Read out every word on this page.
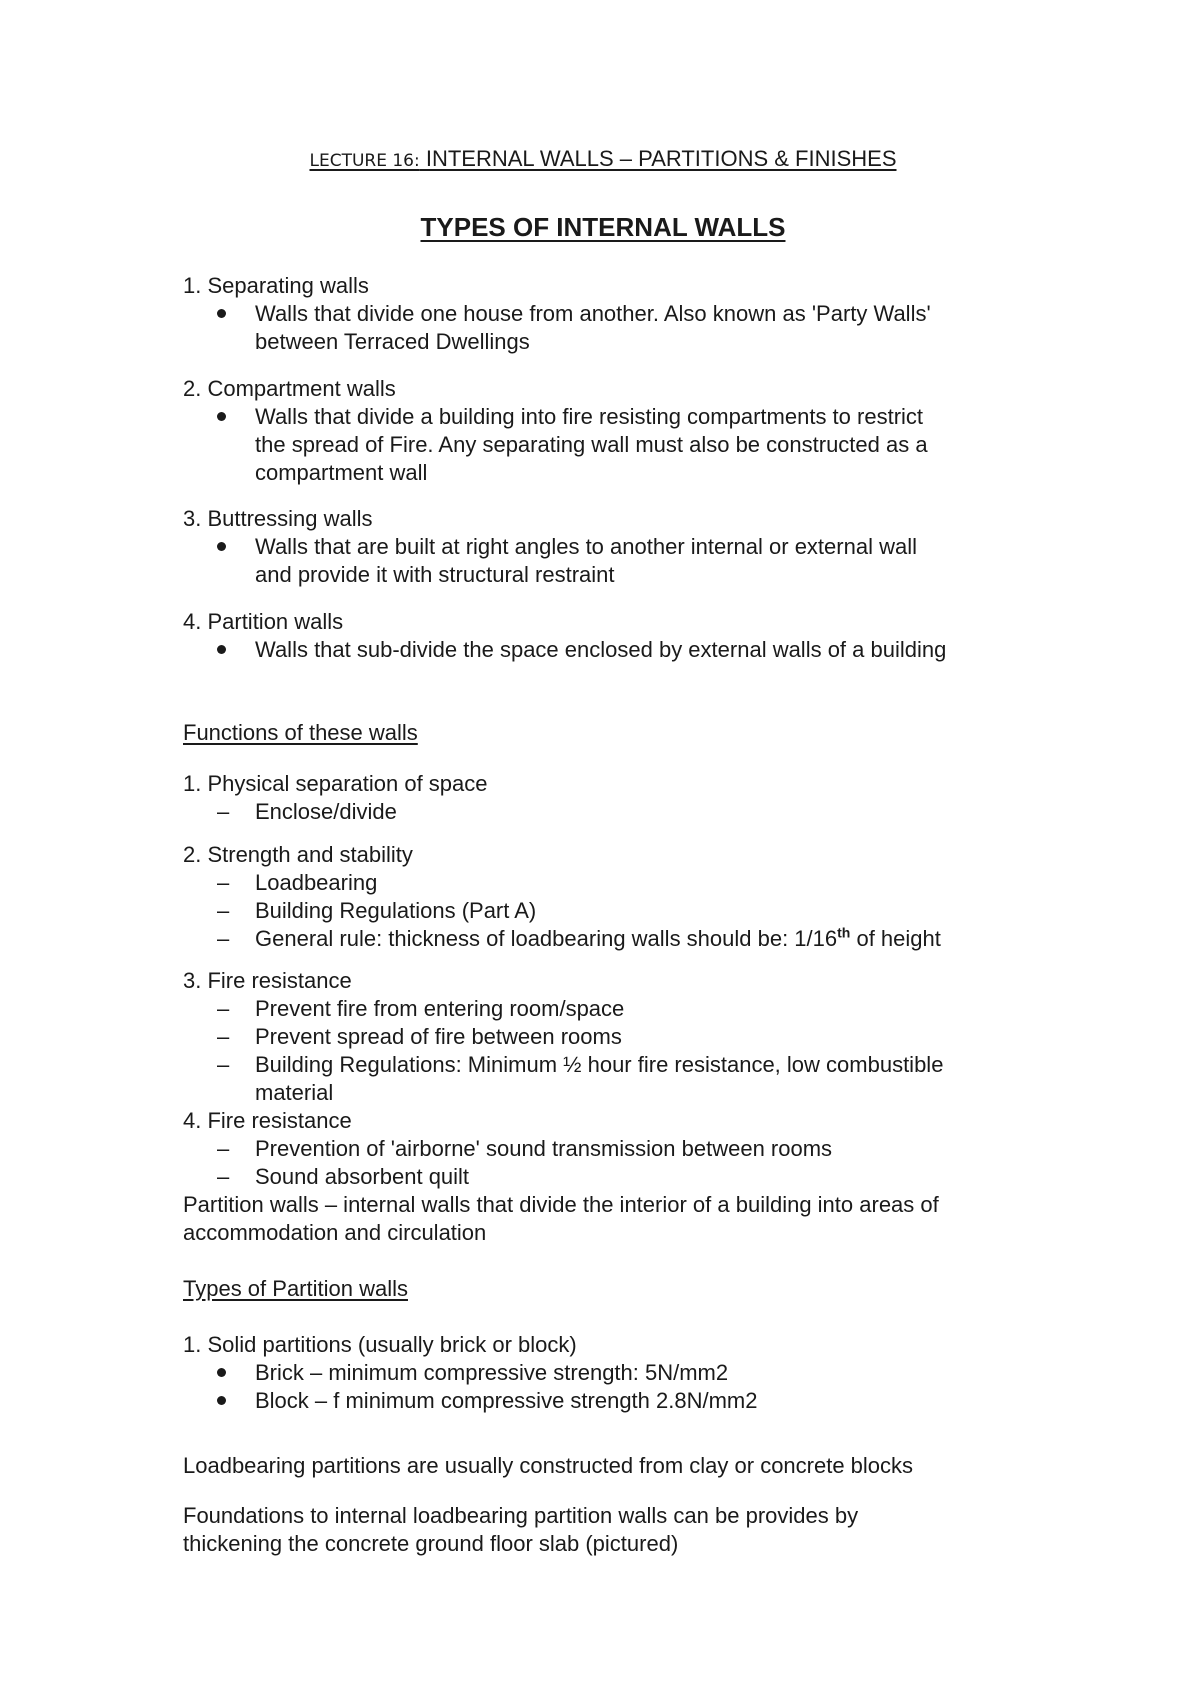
LECTURE 16: INTERNAL WALLS – PARTITIONS & FINISHES
TYPES OF INTERNAL WALLS
1. Separating walls
Walls that divide one house from another. Also known as 'Party Walls'
between Terraced Dwellings
2. Compartment walls
Walls that divide a building into fire resisting compartments to restrict
the spread of Fire. Any separating wall must also be constructed as a
compartment wall
3. Buttressing walls
Walls that are built at right angles to another internal or external wall
and provide it with structural restraint
4. Partition walls
Walls that sub-divide the space enclosed by external walls of a building
Functions of these walls
1. Physical separation of space
– Enclose/divide
2. Strength and stability
– Loadbearing
– Building Regulations (Part A)
– General rule: thickness of loadbearing walls should be: 1/16th of height
3. Fire resistance
– Prevent fire from entering room/space
– Prevent spread of fire between rooms
– Building Regulations: Minimum ½ hour fire resistance, low combustible
material
4. Fire resistance
– Prevention of 'airborne' sound transmission between rooms
– Sound absorbent quilt
Partition walls – internal walls that divide the interior of a building into areas of
accommodation and circulation
Types of Partition walls
1. Solid partitions (usually brick or block)
Brick – minimum compressive strength: 5N/mm2
Block – f minimum compressive strength 2.8N/mm2
Loadbearing partitions are usually constructed from clay or concrete blocks
Foundations to internal loadbearing partition walls can be provides by
thickening the concrete ground floor slab (pictured)
